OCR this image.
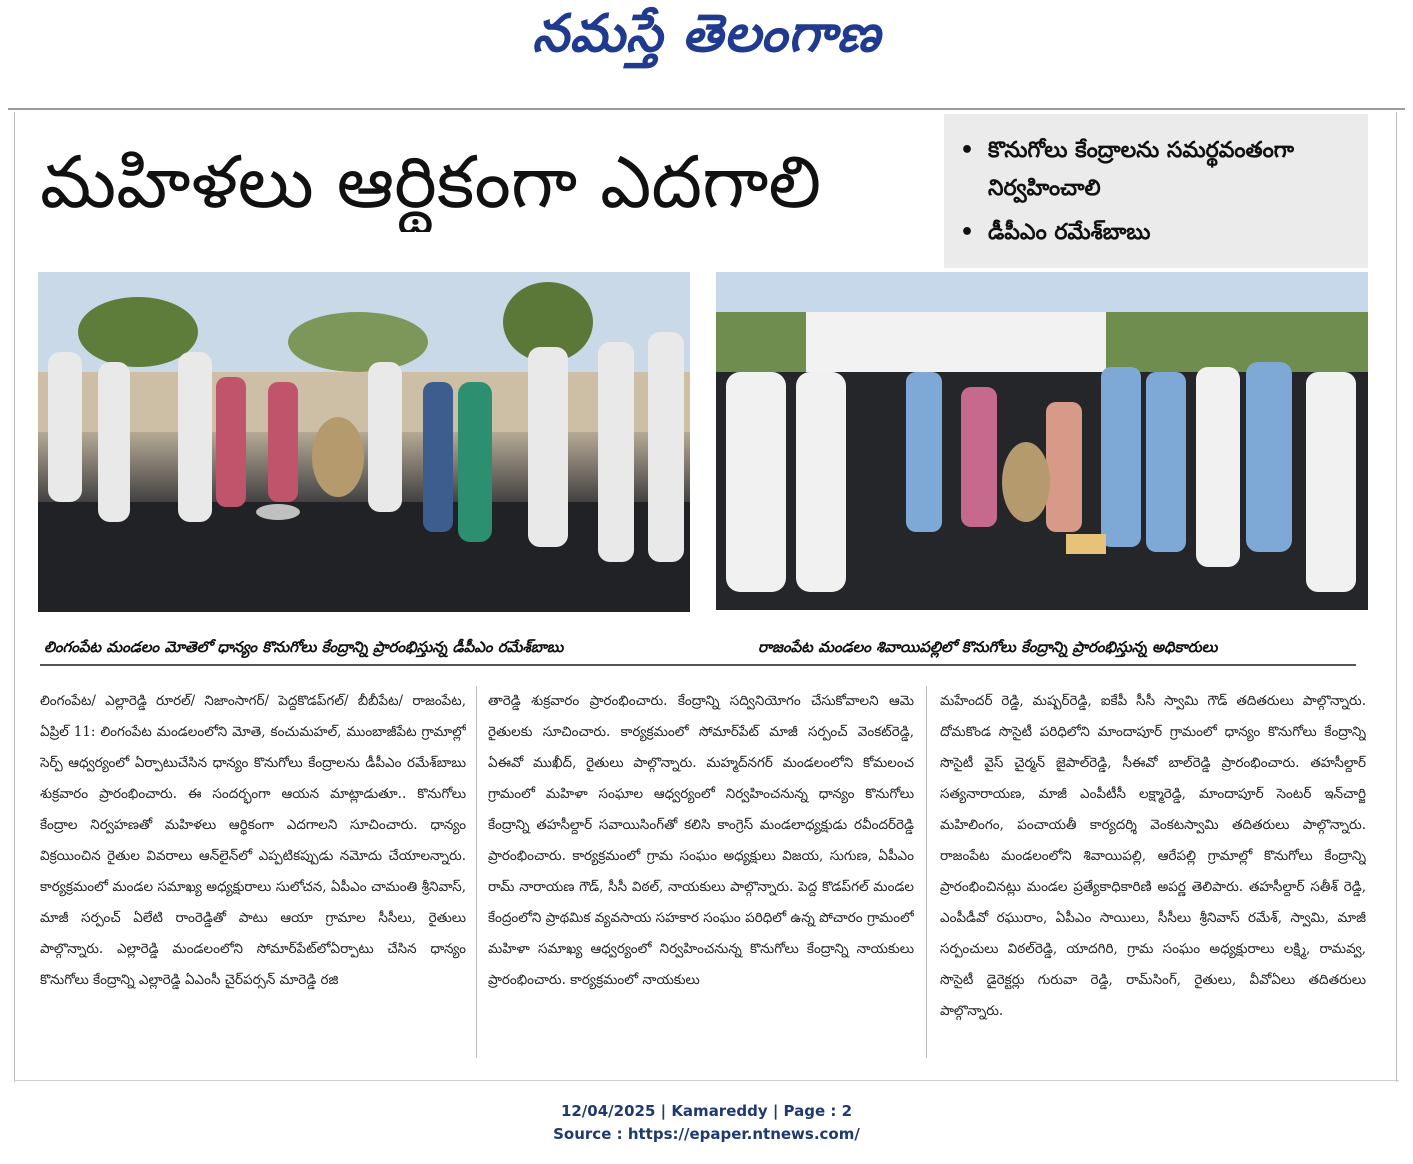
నమస్తే తెలంగాణ
మహిళలు ఆర్థికంగా ఎదగాలి	• కొనుగోలు కేంద్రాలను సమర్థవంతంగా నిర్వహించాలి
• డీపీఎం రమేశ్‌బాబు
లింగంపేట మండలం మోతెలో ధాన్యం కొనుగోలు కేంద్రాన్ని ప్రారంభిస్తున్న డీపీఎం రమేశ్‌బాబు	రాజంపేట మండలం శివాయిపల్లిలో కొనుగోలు కేంద్రాన్ని ప్రారంభిస్తున్న అధికారులు
లింగంపేట/ ఎల్లారెడ్డి రూరల్/ నిజాంసాగర్/ పెద్దకొడప్‌గల్/ బీబీపేట/ రాజంపేట, ఏప్రిల్ 11: లింగంపేట మండలంలోని మోతె, కంచుమహల్, ముంబాజీపేట గ్రామాల్లో సెర్ప్ ఆధ్వర్యంలో ఏర్పాటుచేసిన ధాన్యం కొనుగోలు కేంద్రాలను డీపీఎం రమేశ్‌బాబు శుక్రవారం ప్రారంభించారు. ఈ సందర్భంగా ఆయన మాట్లాడుతూ.. కొనుగోలు కేంద్రాల నిర్వహణతో మహిళలు ఆర్థికంగా ఎదగాలని సూచించారు. ధాన్యం విక్రయించిన రైతుల వివరాలు ఆన్‌లైన్‌లో ఎప్పటికప్పుడు నమోదు చేయాలన్నారు. కార్యక్రమంలో మండల సమాఖ్య అధ్యక్షురాలు సులోచన, ఏపీఎం చామంతి శ్రీనివాస్, మాజీ సర్పంచ్ ఏలేటి రాంరెడ్డితో పాటు ఆయా గ్రామాల సీసీలు, రైతులు పాల్గొన్నారు. ఎల్లారెడ్డి మండలంలోని సోమార్‌పేట్‌లోఏర్పాటు చేసిన ధాన్యం కొనుగోలు కేంద్రాన్ని ఎల్లారెడ్డి ఏఎంసీ చైర్‌పర్సన్ మారెడ్డి రజి
తారెడ్డి శుక్రవారం ప్రారంభించారు. కేంద్రాన్ని సద్వినియోగం చేసుకోవాలని ఆమె రైతులకు సూచించారు. కార్యక్రమంలో సోమార్‌పేట్ మాజీ సర్పంచ్ వెంకట్‌రెడ్డి, ఏఈవో ముఖీద్, రైతులు పాల్గొన్నారు. మహ్మద్‌నగర్ మండలంలోని కోమలంచ గ్రామంలో మహిళా సంఘాల ఆధ్వర్యంలో నిర్వహించనున్న ధాన్యం కొనుగోలు కేంద్రాన్ని తహసీల్దార్ సవాయిసింగ్‌తో కలిసి కాంగ్రెస్ మండలాధ్యక్షుడు రవీందర్‌రెడ్డి ప్రారంభించారు. కార్యక్రమంలో గ్రామ సంఘం అధ్యక్షులు విజయ, సుగుణ, ఏపీఎం రామ్ నారాయణ గౌడ్, సీసీ విఠల్, నాయకులు పాల్గొన్నారు. పెద్ద కొడప్‌గల్ మండల కేంద్రంలోని ప్రాథమిక వ్యవసాయ సహకార సంఘం పరిధిలో ఉన్న పోచారం గ్రామంలో మహిళా సమాఖ్య ఆధ్వర్యంలో నిర్వహించనున్న కొనుగోలు కేంద్రాన్ని నాయకులు ప్రారంభించారు. కార్యక్రమంలో నాయకులు
మహేందర్ రెడ్డి, మష్పర్‌రెడ్డి, ఐకేపీ సీసీ స్వామి గౌడ్ తదితరులు పాల్గొన్నారు. దోమకొండ సొసైటీ పరిధిలోని మాందాపూర్ గ్రామంలో ధాన్యం కొనుగోలు కేంద్రాన్ని సొసైటీ వైస్ చైర్మన్ జైపాల్‌రెడ్డి, సీఈవో బాల్‌రెడ్డి ప్రారంభించారు. తహసీల్దార్ సత్యనారాయణ, మాజీ ఎంపీటీసీ లక్ష్మారెడ్డి, మాందాపూర్ సెంటర్ ఇన్‌చార్జి మహిలింగం, పంచాయతీ కార్యదర్శి వెంకటస్వామి తదితరులు పాల్గొన్నారు. రాజంపేట మండలంలోని శివాయిపల్లి, ఆరేపల్లి గ్రామాల్లో కొనుగోలు కేంద్రాన్ని ప్రారంభించినట్లు మండల ప్రత్యేకాధికారిణి అపర్ణ తెలిపారు. తహసీల్దార్ సతీశ్ రెడ్డి, ఎంపీడీవో రఘురాం, ఏపీఎం సాయిలు, సీసీలు శ్రీనివాస్ రమేశ్, స్వామి, మాజీ సర్పంచులు విఠల్‌రెడ్డి, యాదగిరి, గ్రామ సంఘం అధ్యక్షురాలు లక్ష్మి, రామవ్వ, సొసైటీ డైరెక్టర్లు గురువా రెడ్డి, రామ్‌సింగ్, రైతులు, వీవోఏలు తదితరులు పాల్గొన్నారు.
12/04/2025 | Kamareddy | Page : 2
Source : https://epaper.ntnews.com/
